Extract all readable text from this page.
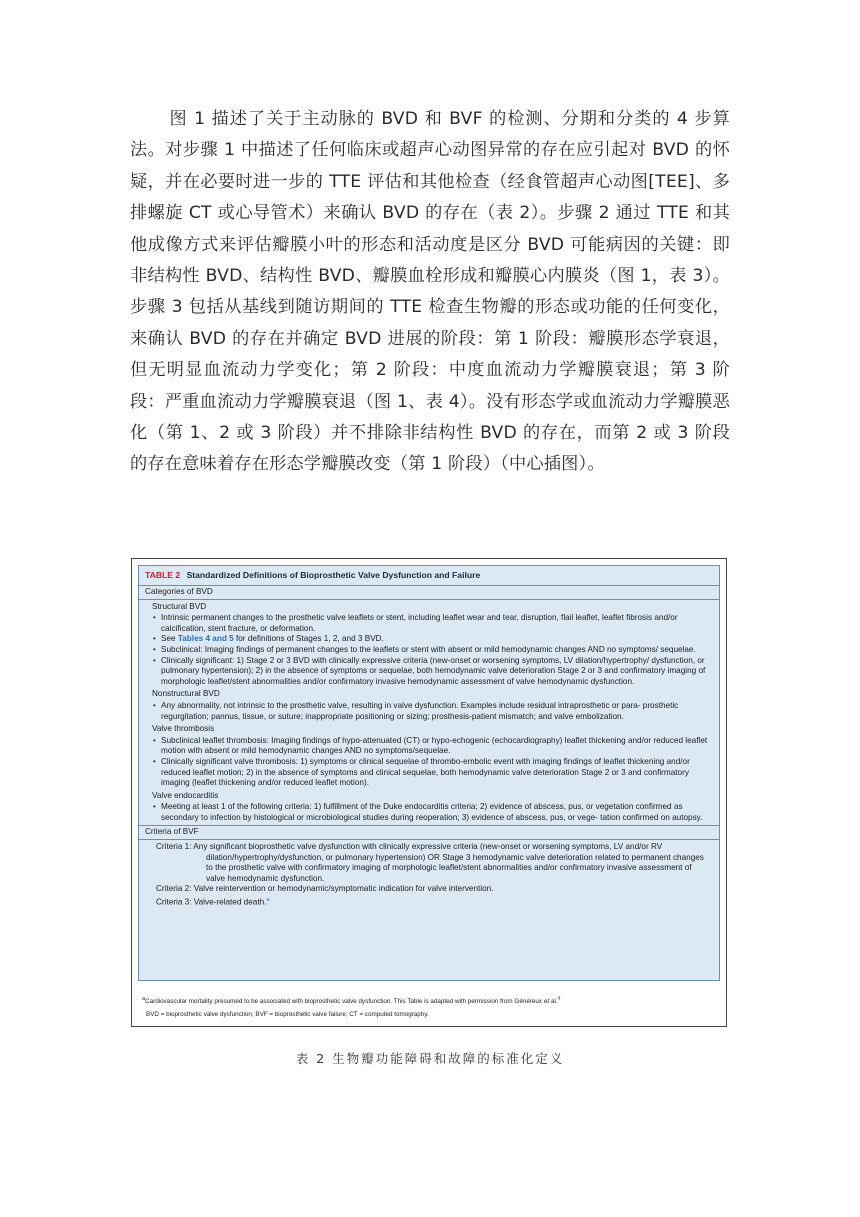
图 1 描述了关于主动脉的 BVD 和 BVF 的检测、分期和分类的 4 步算法。对步骤 1 中描述了任何临床或超声心动图异常的存在应引起对 BVD 的怀疑，并在必要时进一步的 TTE 评估和其他检查（经食管超声心动图[TEE]、多排螺旋 CT 或心导管术）来确认 BVD 的存在（表 2）。步骤 2 通过 TTE 和其他成像方式来评估瓣膜小叶的形态和活动度是区分 BVD 可能病因的关键：即非结构性 BVD、结构性 BVD、瓣膜血栓形成和瓣膜心内膜炎（图 1，表 3）。步骤 3 包括从基线到随访期间的 TTE 检查生物瓣的形态或功能的任何变化，来确认 BVD 的存在并确定 BVD 进展的阶段：第 1 阶段：瓣膜形态学衰退，但无明显血流动力学变化；第 2 阶段：中度血流动力学瓣膜衰退；第 3 阶段：严重血流动力学瓣膜衰退（图 1、表 4）。没有形态学或血流动力学瓣膜恶化（第 1、2 或 3 阶段）并不排除非结构性 BVD 的存在，而第 2 或 3 阶段的存在意味着存在形态学瓣膜改变（第 1 阶段）（中心插图）。

TABLE 2 Standardized Definitions of Bioprosthetic Valve Dysfunction and Failure
Categories of BVD
Structural BVD
• Intrinsic permanent changes to the prosthetic valve leaflets or stent, including leaflet wear and tear, disruption, flail leaflet, leaflet fibrosis and/or calcification, stent fracture, or deformation.
• See Tables 4 and 5 for definitions of Stages 1, 2, and 3 BVD.
• Subclinical: Imaging findings of permanent changes to the leaflets or stent with absent or mild hemodynamic changes AND no symptoms/ sequelae.
• Clinically significant: 1) Stage 2 or 3 BVD with clinically expressive criteria (new-onset or worsening symptoms, LV dilation/hypertrophy/ dysfunction, or pulmonary hypertension); 2) in the absence of symptoms or sequelae, both hemodynamic valve deterioration Stage 2 or 3 and confirmatory imaging of morphologic leaflet/stent abnormalities and/or confirmatory invasive hemodynamic assessment of valve hemodynamic dysfunction.
Nonstructural BVD
• Any abnormality, not intrinsic to the prosthetic valve, resulting in valve dysfunction. Examples include residual intraprosthetic or para- prosthetic regurgitation; pannus, tissue, or suture; inappropriate positioning or sizing; prosthesis-patient mismatch; and valve embolization.
Valve thrombosis
• Subclinical leaflet thrombosis: Imaging findings of hypo-attenuated (CT) or hypo-echogenic (echocardiography) leaflet thickening and/or reduced leaflet motion with absent or mild hemodynamic changes AND no symptoms/sequelae.
• Clinically significant valve thrombosis: 1) symptoms or clinical sequelae of thrombo-embolic event with imaging findings of leaflet thickening and/or reduced leaflet motion; 2) in the absence of symptoms and clinical sequelae, both hemodynamic valve deterioration Stage 2 or 3 and confirmatory imaging (leaflet thickening and/or reduced leaflet motion).
Valve endocarditis
• Meeting at least 1 of the following criteria: 1) fulfillment of the Duke endocarditis criteria; 2) evidence of abscess, pus, or vegetation confirmed as secondary to infection by histological or microbiological studies during reoperation; 3) evidence of abscess, pus, or vege- tation confirmed on autopsy.
Criteria of BVF
Criteria 1: Any significant bioprosthetic valve dysfunction with clinically expressive criteria (new-onset or worsening symptoms, LV and/or RV dilation/hypertrophy/dysfunction, or pulmonary hypertension) OR Stage 3 hemodynamic valve deterioration related to permanent changes to the prosthetic valve with confirmatory imaging of morphologic leaflet/stent abnormalities and/or confirmatory invasive assessment of valve hemodynamic dysfunction.
Criteria 2: Valve reintervention or hemodynamic/symptomatic indication for valve intervention.
Criteria 3: Valve-related death.$^a$
aCardiovascular mortality presumed to be associated with bioprosthetic valve dysfunction. This Table is adapted with permission from Généreux et al.4
BVD = bioprosthetic valve dysfunction; BVF = bioprosthetic valve failure; CT = computed tomography.
表 2 生物瓣功能障碍和故障的标准化定义
